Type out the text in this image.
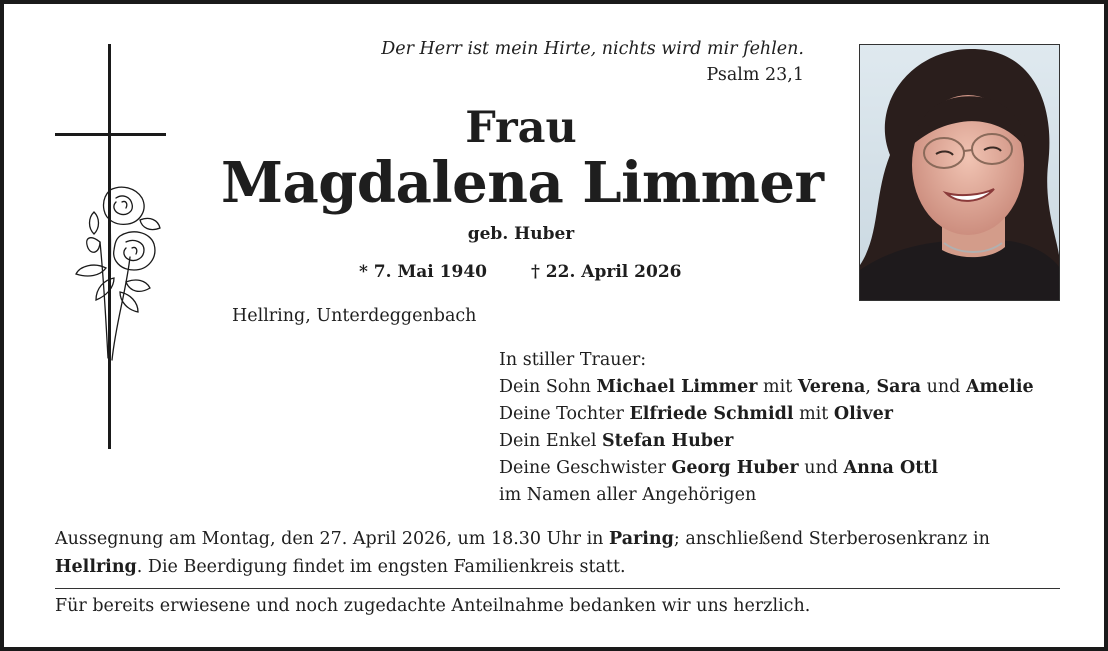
Der Herr ist mein Hirte, nichts wird mir fehlen.
Psalm 23,1
Frau
Magdalena Limmer
geb. Huber
* 7. Mai 1940	† 22. April 2026
Hellring, Unterdeggenbach
In stiller Trauer:
Dein Sohn Michael Limmer mit Verena, Sara und Amelie
Deine Tochter Elfriede Schmidl mit Oliver
Dein Enkel Stefan Huber
Deine Geschwister Georg Huber und Anna Ottl
im Namen aller Angehörigen
Aussegnung am Montag, den 27. April 2026, um 18.30 Uhr in Paring; anschließend Sterberosenkranz in Hellring. Die Beerdigung findet im engsten Familienkreis statt.
Für bereits erwiesene und noch zugedachte Anteilnahme bedanken wir uns herzlich.
